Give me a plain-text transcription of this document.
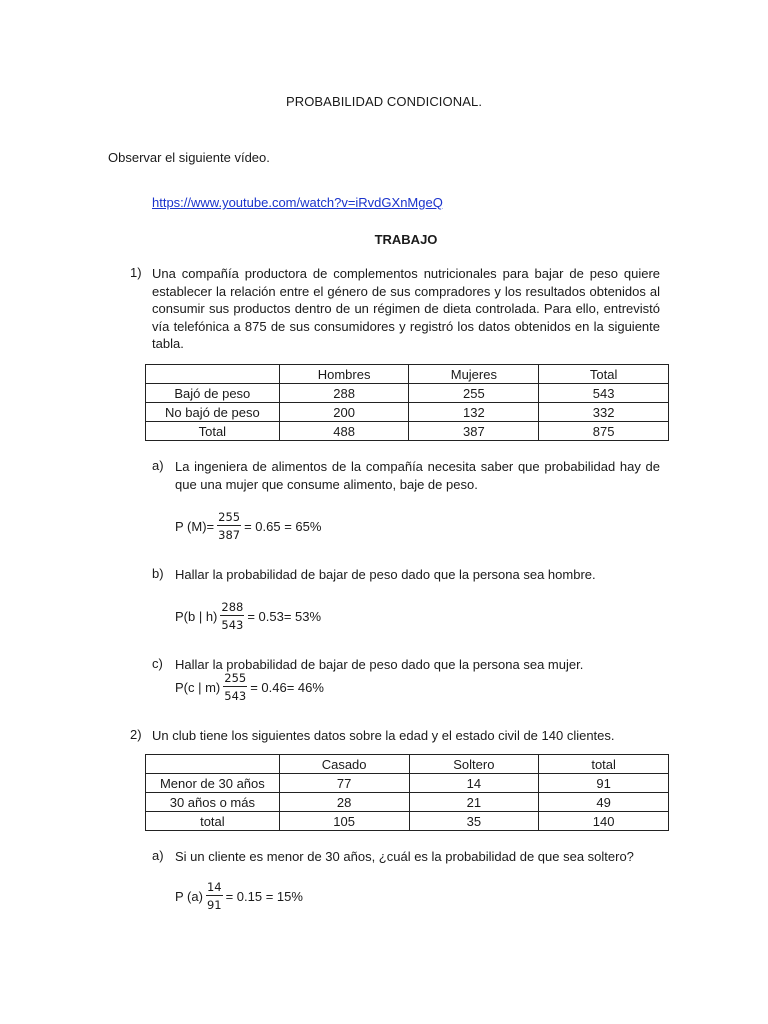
PROBABILIDAD CONDICIONAL.
Observar el siguiente vídeo.
https://www.youtube.com/watch?v=iRvdGXnMgeQ
TRABAJO
1) Una compañía productora de complementos nutricionales para bajar de peso quiere establecer la relación entre el género de sus compradores y los resultados obtenidos al consumir sus productos dentro de un régimen de dieta controlada. Para ello, entrevistó vía telefónica a 875 de sus consumidores y registró los datos obtenidos en la siguiente tabla.
	Hombres	Mujeres	Total
Bajó de peso	288	255	543
No bajó de peso	200	132	332
Total	488	387	875
a) La ingeniera de alimentos de la compañía necesita saber que probabilidad hay de que una mujer que consume alimento, baje de peso.
P $(M)= \frac{255}{387} = 0.65 = 65\%$
b) Hallar la probabilidad de bajar de peso dado que la persona sea hombre.
P(b | $h) \frac{288}{543} = 0.53= 53\%$
c) Hallar la probabilidad de bajar de peso dado que la persona sea mujer.
P(c | $m) \frac{255}{543} = 0.46= 46\%$
2) Un club tiene los siguientes datos sobre la edad y el estado civil de 140 clientes.
	Casado	Soltero	total
Menor de 30 años	77	14	91
30 años o más	28	21	49
total	105	35	140
a) Si un cliente es menor de 30 años, ¿cuál es la probabilidad de que sea soltero?
P $(a) \frac{14}{91} = 0.15 = 15\%$
